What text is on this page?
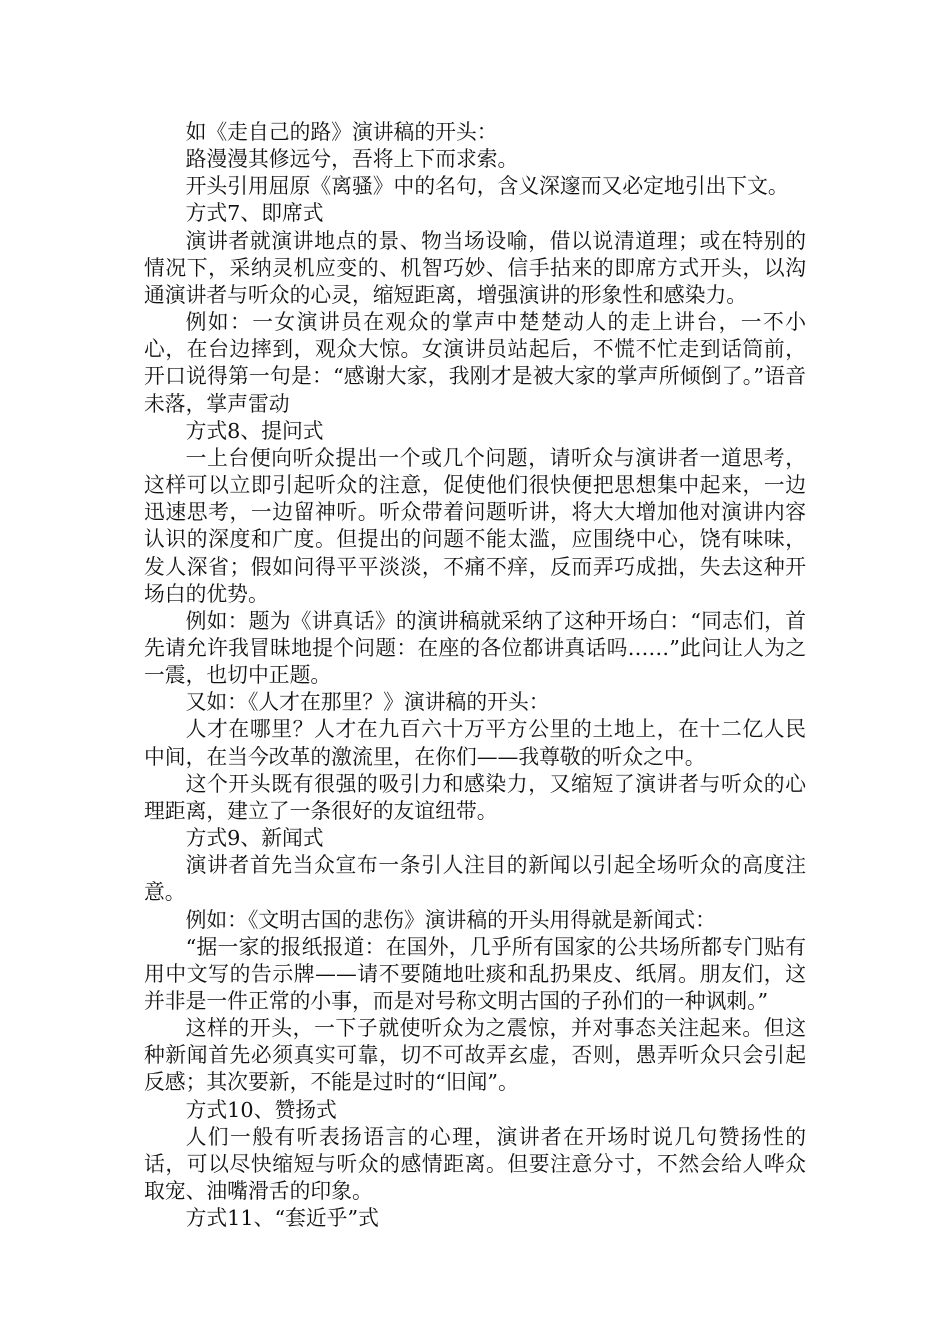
如《走自己的路》演讲稿的开头：

路漫漫其修远兮，吾将上下而求索。

开头引用屈原《离骚》中的名句，含义深邃而又必定地引出下文。

方式7、即席式

演讲者就演讲地点的景、物当场设喻，借以说清道理；或在特别的情况下，采纳灵机应变的、机智巧妙、信手拈来的即席方式开头，以沟通演讲者与听众的心灵，缩短距离，增强演讲的形象性和感染力。

例如：一女演讲员在观众的掌声中楚楚动人的走上讲台，一不小心，在台边摔到，观众大惊。女演讲员站起后，不慌不忙走到话筒前，开口说得第一句是：“感谢大家，我刚才是被大家的掌声所倾倒了。”语音未落，掌声雷动

方式8、提问式

一上台便向听众提出一个或几个问题，请听众与演讲者一道思考，这样可以立即引起听众的注意，促使他们很快便把思想集中起来，一边迅速思考，一边留神听。听众带着问题听讲，将大大增加他对演讲内容认识的深度和广度。但提出的问题不能太滥，应围绕中心，饶有味味，发人深省；假如问得平平淡淡，不痛不痒，反而弄巧成拙，失去这种开场白的优势。

例如：题为《讲真话》的演讲稿就采纳了这种开场白：“同志们，首先请允许我冒昧地提个问题：在座的各位都讲真话吗……”此问让人为之一震，也切中正题。

又如：《人才在那里？》演讲稿的开头：

人才在哪里？人才在九百六十万平方公里的土地上，在十二亿人民中间，在当今改革的激流里，在你们——我尊敬的听众之中。

这个开头既有很强的吸引力和感染力，又缩短了演讲者与听众的心理距离，建立了一条很好的友谊纽带。

方式9、新闻式

演讲者首先当众宣布一条引人注目的新闻以引起全场听众的高度注意。

例如：《文明古国的悲伤》演讲稿的开头用得就是新闻式：

“据一家的报纸报道：在国外，几乎所有国家的公共场所都专门贴有用中文写的告示牌——请不要随地吐痰和乱扔果皮、纸屑。朋友们，这并非是一件正常的小事，而是对号称文明古国的子孙们的一种讽刺。”

这样的开头，一下子就使听众为之震惊，并对事态关注起来。但这种新闻首先必须真实可靠，切不可故弄玄虚，否则，愚弄听众只会引起反感；其次要新，不能是过时的“旧闻”。

方式10、赞扬式

人们一般有听表扬语言的心理，演讲者在开场时说几句赞扬性的话，可以尽快缩短与听众的感情距离。但要注意分寸，不然会给人哗众取宠、油嘴滑舌的印象。

方式11、“套近乎”式
